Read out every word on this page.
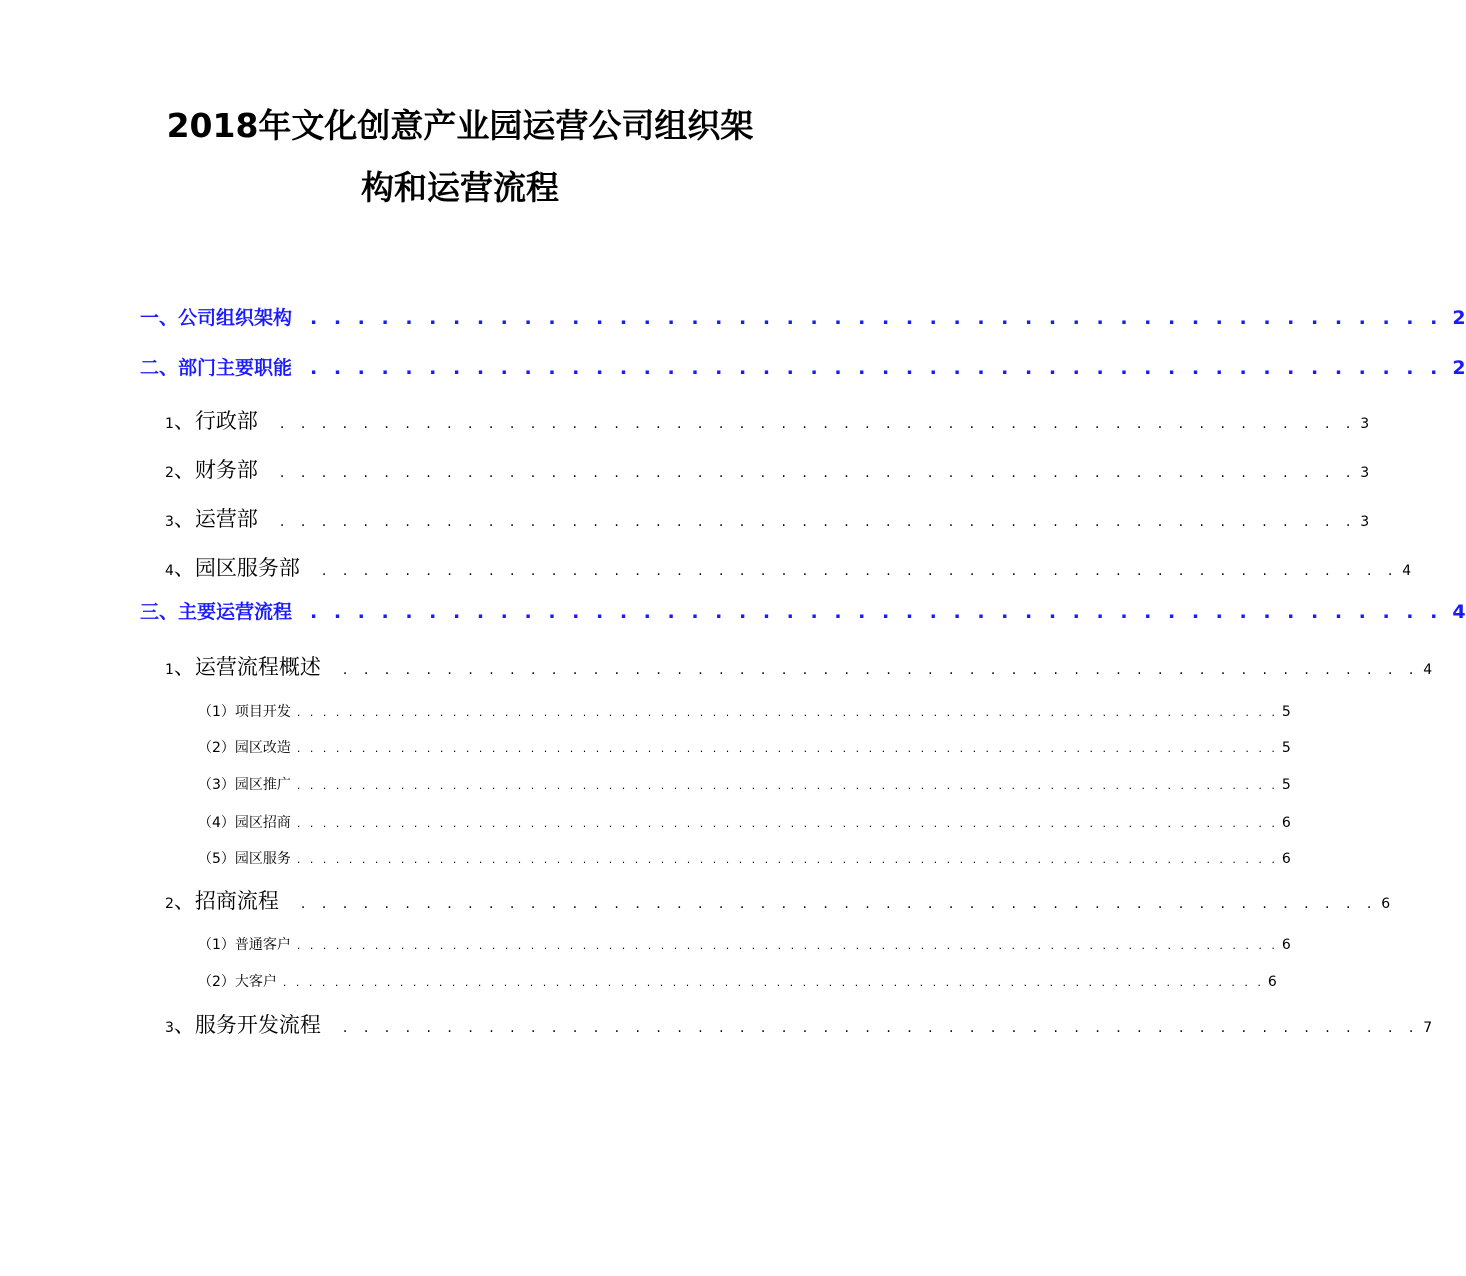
2018年文化创意产业园运营公司组织架
构和运营流程
一、公司组织架构 . . . . . . . . . . . . . . . . . . . . . . . . . . . . . . . . . . . . . . . . . . . . . . . . 2
二、部门主要职能 . . . . . . . . . . . . . . . . . . . . . . . . . . . . . . . . . . . . . . . . . . . . . . . . 2
1、行政部 . . . . . . . . . . . . . . . . . . . . . . . . . . . . . . . . . . . . . . . . . . . . . . . . . . . . 3
2、财务部 . . . . . . . . . . . . . . . . . . . . . . . . . . . . . . . . . . . . . . . . . . . . . . . . . . . . 3
3、运营部 . . . . . . . . . . . . . . . . . . . . . . . . . . . . . . . . . . . . . . . . . . . . . . . . . . . . 3
4、园区服务部 . . . . . . . . . . . . . . . . . . . . . . . . . . . . . . . . . . . . . . . . . . . . . . . . . . . . 4
三、主要运营流程 . . . . . . . . . . . . . . . . . . . . . . . . . . . . . . . . . . . . . . . . . . . . . . . . 4
1、运营流程概述 . . . . . . . . . . . . . . . . . . . . . . . . . . . . . . . . . . . . . . . . . . . . . . . . . . . . 4
（1）项目开发 . . . . . . . . . . . . . . . . . . . . . . . . . . . . . . . . . . . . . . . . . . . . . . . . . . . . . . . . . . . . . . . . . . . . . . . . . . . . 5
（2）园区改造 . . . . . . . . . . . . . . . . . . . . . . . . . . . . . . . . . . . . . . . . . . . . . . . . . . . . . . . . . . . . . . . . . . . . . . . . . . . . 5
（3）园区推广 . . . . . . . . . . . . . . . . . . . . . . . . . . . . . . . . . . . . . . . . . . . . . . . . . . . . . . . . . . . . . . . . . . . . . . . . . . . . 5
（4）园区招商 . . . . . . . . . . . . . . . . . . . . . . . . . . . . . . . . . . . . . . . . . . . . . . . . . . . . . . . . . . . . . . . . . . . . . . . . . . . . 6
（5）园区服务 . . . . . . . . . . . . . . . . . . . . . . . . . . . . . . . . . . . . . . . . . . . . . . . . . . . . . . . . . . . . . . . . . . . . . . . . . . . . 6
2、招商流程 . . . . . . . . . . . . . . . . . . . . . . . . . . . . . . . . . . . . . . . . . . . . . . . . . . . . 6
（1）普通客户 . . . . . . . . . . . . . . . . . . . . . . . . . . . . . . . . . . . . . . . . . . . . . . . . . . . . . . . . . . . . . . . . . . . . . . . . . . . . 6
（2）大客户 . . . . . . . . . . . . . . . . . . . . . . . . . . . . . . . . . . . . . . . . . . . . . . . . . . . . . . . . . . . . . . . . . . . . . . . . . . . . 6
3、服务开发流程 . . . . . . . . . . . . . . . . . . . . . . . . . . . . . . . . . . . . . . . . . . . . . . . . . . . . 7
